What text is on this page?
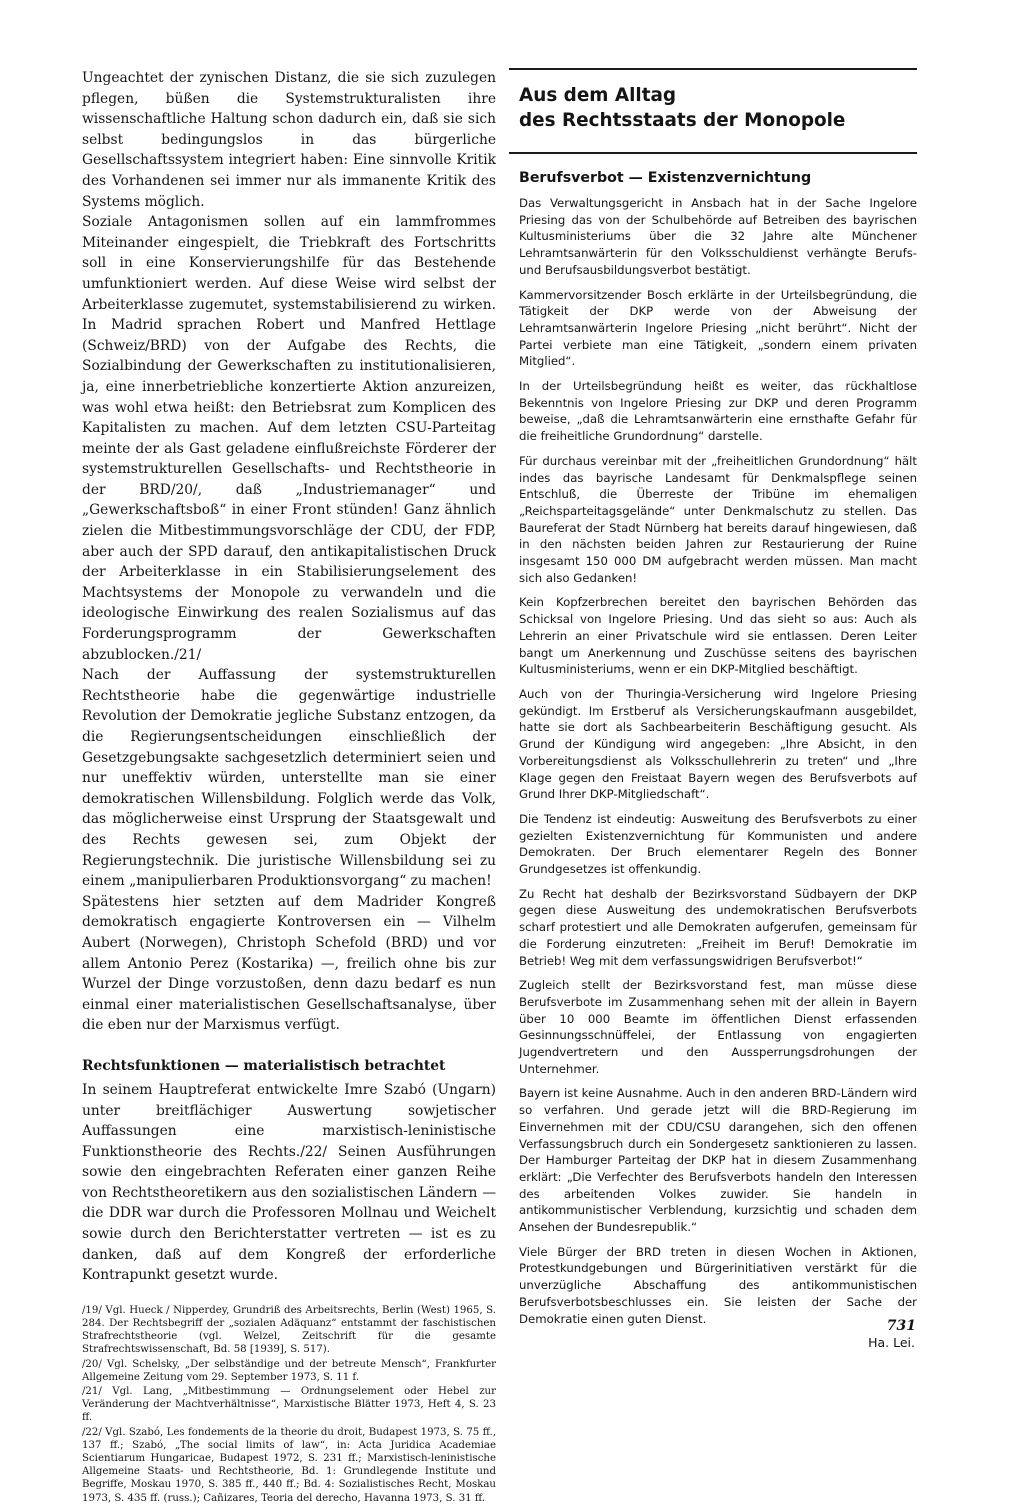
Ungeachtet der zynischen Distanz, die sie sich zuzulegen pflegen, büßen die Systemstrukturalisten ihre wissenschaftliche Haltung schon dadurch ein, daß sie sich selbst bedingungslos in das bürgerliche Gesellschaftssystem integriert haben: Eine sinnvolle Kritik des Vorhandenen sei immer nur als immanente Kritik des Systems möglich.

Soziale Antagonismen sollen auf ein lammfrommes Miteinander eingespielt, die Triebkraft des Fortschritts soll in eine Konservierungshilfe für das Bestehende umfunktioniert werden. Auf diese Weise wird selbst der Arbeiterklasse zugemutet, systemstabilisierend zu wirken. In Madrid sprachen Robert und Manfred Hettlage (Schweiz/BRD) von der Aufgabe des Rechts, die Sozialbindung der Gewerkschaften zu institutionalisieren, ja, eine innerbetriebliche konzertierte Aktion anzureizen, was wohl etwa heißt: den Betriebsrat zum Komplicen des Kapitalisten zu machen. Auf dem letzten CSU-Parteitag meinte der als Gast geladene einflußreichste Förderer der systemstrukturellen Gesellschafts- und Rechtstheorie in der BRD/20/, daß „Industriemanager“ und „Gewerkschaftsboß“ in einer Front stünden! Ganz ähnlich zielen die Mitbestimmungsvorschläge der CDU, der FDP, aber auch der SPD darauf, den antikapitalistischen Druck der Arbeiterklasse in ein Stabilisierungselement des Machtsystems der Monopole zu verwandeln und die ideologische Einwirkung des realen Sozialismus auf das Forderungsprogramm der Gewerkschaften abzublocken./21/

Nach der Auffassung der systemstrukturellen Rechtstheorie habe die gegenwärtige industrielle Revolution der Demokratie jegliche Substanz entzogen, da die Regierungsentscheidungen einschließlich der Gesetzgebungsakte sachgesetzlich determiniert seien und nur uneffektiv würden, unterstellte man sie einer demokratischen Willensbildung. Folglich werde das Volk, das möglicherweise einst Ursprung der Staatsgewalt und des Rechts gewesen sei, zum Objekt der Regierungstechnik. Die juristische Willensbildung sei zu einem „manipulierbaren Produktionsvorgang“ zu machen!

Spätestens hier setzten auf dem Madrider Kongreß demokratisch engagierte Kontroversen ein — Vilhelm Aubert (Norwegen), Christoph Schefold (BRD) und vor allem Antonio Perez (Kostarika) —, freilich ohne bis zur Wurzel der Dinge vorzustoßen, denn dazu bedarf es nun einmal einer materialistischen Gesellschaftsanalyse, über die eben nur der Marxismus verfügt.

Rechtsfunktionen — materialistisch betrachtet

In seinem Hauptreferat entwickelte Imre Szabó (Ungarn) unter breitflächiger Auswertung sowjetischer Auffassungen eine marxistisch-leninistische Funktionstheorie des Rechts./22/ Seinen Ausführungen sowie den eingebrachten Referaten einer ganzen Reihe von Rechtstheoretikern aus den sozialistischen Ländern — die DDR war durch die Professoren Mollnau und Weichelt sowie durch den Berichterstatter vertreten — ist es zu danken, daß auf dem Kongreß der erforderliche Kontrapunkt gesetzt wurde.

/19/ Vgl. Hueck / Nipperdey, Grundriß des Arbeitsrechts, Berlin (West) 1965, S. 284. Der Rechtsbegriff der „sozialen Adäquanz“ entstammt der faschistischen Strafrechtstheorie (vgl. Welzel, Zeitschrift für die gesamte Strafrechtswissenschaft, Bd. 58 [1939], S. 517).

/20/ Vgl. Schelsky, „Der selbständige und der betreute Mensch“, Frankfurter Allgemeine Zeitung vom 29. September 1973, S. 11 f.

/21/ Vgl. Lang, „Mitbestimmung — Ordnungselement oder Hebel zur Veränderung der Machtverhältnisse“, Marxistische Blätter 1973, Heft 4, S. 23 ff.

/22/ Vgl. Szabó, Les fondements de la theorie du droit, Budapest 1973, S. 75 ff., 137 ff.; Szabó, „The social limits of law“, in: Acta Juridica Academiae Scientiarum Hungaricae, Budapest 1972, S. 231 ff.; Marxistisch-leninistische Allgemeine Staats- und Rechtstheorie, Bd. 1: Grundlegende Institute und Begriffe, Moskau 1970, S. 385 ff., 440 ff.; Bd. 4: Sozialistisches Recht, Moskau 1973, S. 435 ff. (russ.); Cañizares, Teoria del derecho, Havanna 1973, S. 31 ff.

Aus dem Alltag
des Rechtsstaats der Monopole
Berufsverbot — Existenzvernichtung

Das Verwaltungsgericht in Ansbach hat in der Sache Ingelore Priesing das von der Schulbehörde auf Betreiben des bayrischen Kultusministeriums über die 32 Jahre alte Münchener Lehramtsanwärterin für den Volksschuldienst verhängte Berufs- und Berufsausbildungsverbot bestätigt.

Kammervorsitzender Bosch erklärte in der Urteilsbegründung, die Tätigkeit der DKP werde von der Abweisung der Lehramtsanwärterin Ingelore Priesing „nicht berührt“. Nicht der Partei verbiete man eine Tätigkeit, „sondern einem privaten Mitglied“.

In der Urteilsbegründung heißt es weiter, das rückhaltlose Bekenntnis von Ingelore Priesing zur DKP und deren Programm beweise, „daß die Lehramtsanwärterin eine ernsthafte Gefahr für die freiheitliche Grundordnung“ darstelle.

Für durchaus vereinbar mit der „freiheitlichen Grundordnung“ hält indes das bayrische Landesamt für Denkmalspflege seinen Entschluß, die Überreste der Tribüne im ehemaligen „Reichsparteitagsgelände“ unter Denkmalschutz zu stellen. Das Baureferat der Stadt Nürnberg hat bereits darauf hingewiesen, daß in den nächsten beiden Jahren zur Restaurierung der Ruine insgesamt 150 000 DM aufgebracht werden müssen. Man macht sich also Gedanken!

Kein Kopfzerbrechen bereitet den bayrischen Behörden das Schicksal von Ingelore Priesing. Und das sieht so aus: Auch als Lehrerin an einer Privatschule wird sie entlassen. Deren Leiter bangt um Anerkennung und Zuschüsse seitens des bayrischen Kultusministeriums, wenn er ein DKP-Mitglied beschäftigt.

Auch von der Thuringia-Versicherung wird Ingelore Priesing gekündigt. Im Erstberuf als Versicherungskaufmann ausgebildet, hatte sie dort als Sachbearbeiterin Beschäftigung gesucht. Als Grund der Kündigung wird angegeben: „Ihre Absicht, in den Vorbereitungsdienst als Volksschullehrerin zu treten“ und „Ihre Klage gegen den Freistaat Bayern wegen des Berufsverbots auf Grund Ihrer DKP-Mitgliedschaft“.

Die Tendenz ist eindeutig: Ausweitung des Berufsverbots zu einer gezielten Existenzvernichtung für Kommunisten und andere Demokraten. Der Bruch elementarer Regeln des Bonner Grundgesetzes ist offenkundig.

Zu Recht hat deshalb der Bezirksvorstand Südbayern der DKP gegen diese Ausweitung des undemokratischen Berufsverbots scharf protestiert und alle Demokraten aufgerufen, gemeinsam für die Forderung einzutreten: „Freiheit im Beruf! Demokratie im Betrieb! Weg mit dem verfassungswidrigen Berufsverbot!“

Zugleich stellt der Bezirksvorstand fest, man müsse diese Berufsverbote im Zusammenhang sehen mit der allein in Bayern über 10 000 Beamte im öffentlichen Dienst erfassenden Gesinnungsschnüffelei, der Entlassung von engagierten Jugendvertretern und den Aussperrungsdrohungen der Unternehmer.

Bayern ist keine Ausnahme. Auch in den anderen BRD-Ländern wird so verfahren. Und gerade jetzt will die BRD-Regierung im Einvernehmen mit der CDU/CSU darangehen, sich den offenen Verfassungsbruch durch ein Sondergesetz sanktionieren zu lassen. Der Hamburger Parteitag der DKP hat in diesem Zusammenhang erklärt: „Die Verfechter des Berufsverbots handeln den Interessen des arbeitenden Volkes zuwider. Sie handeln in antikommunistischer Verblendung, kurzsichtig und schaden dem Ansehen der Bundesrepublik.“

Viele Bürger der BRD treten in diesen Wochen in Aktionen, Protestkundgebungen und Bürgerinitiativen verstärkt für die unverzügliche Abschaffung des antikommunistischen Berufsverbotsbeschlusses ein. Sie leisten der Sache der Demokratie einen guten Dienst.

Ha. Lei.
731
